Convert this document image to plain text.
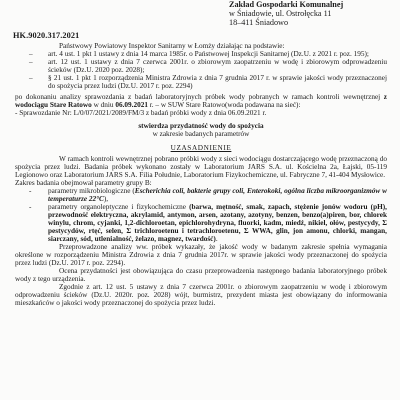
Zakład Gospodarki Komunalnej
w Śniadowie, ul. Ostrołęcka 11
18–411 Śniadowo
HK.9020.317.2021

Państwowy Powiatowy Inspektor Sanitarny w Łomży działając na podstawie:

– art. 4 ust. 1 pkt 1 ustawy z dnia 14 marca 1985r. o Państwowej Inspekcji Sanitarnej (Dz.U. z 2021 r. poz. 195);

– art. 12 ust. 1 ustawy z dnia 7 czerwca 2001r. o zbiorowym zaopatrzeniu w wodę i zbiorowym odprowadzeniu ścieków (Dz.U. 2020 poz. 2028);

– § 21 ust. 1 pkt 1 rozporządzenia Ministra Zdrowia z dnia 7 grudnia 2017 r. w sprawie jakości wody przeznaczonej do spożycia przez ludzi (Dz.U. 2017 r. poz. 2294)

po dokonaniu analizy sprawozdania z badań laboratoryjnych próbek wody pobranych w ramach kontroli wewnętrznej z wodociągu Stare Ratowo w dniu 06.09.2021 r. – w SUW Stare Ratowo(woda podawana na sieć):

- Sprawozdanie Nr: L/0/07/2021/2089/FM/3 z badań próbki wody z dnia 06.09.2021 r.

stwierdza przydatność wody do spożycia

w zakresie badanych parametrów

UZASADNIENIE

W ramach kontroli wewnętrznej pobrano próbki wody z sieci wodociągu dostarczającego wodę przeznaczoną do spożycia przez ludzi. Badania próbek wykonano zostały w Laboratorium JARS S.A. ul. Kościelna 2a, Łajski, 05-119 Legionowo oraz Laboratorium JARS S.A. Filia Południe, Laboratorium Fizykochemiczne, ul. Fabryczne 7, 41-404 Mysłowice.

Zakres badania obejmował parametry grupy B:

- parametry mikrobiologiczne (Escherichia coli, bakterie grupy coli, Enterokoki, ogólna liczba mikroorganizmów w temperaturze 22°C),

- parametry organoleptyczne i fizykochemiczne (barwa, mętność, smak, zapach, stężenie jonów wodoru (pH), przewodność elektryczna, akrylamid, antymon, arsen, azotany, azotyny, benzen, benzo(a)piren, bor, chlorek winylu, chrom, cyjanki, 1,2-dichloroetan, epichlorohydryna, fluorki, kadm, miedź, nikiel, ołów, pestycydy, Σ pestycydów, rtęć, selen, Σ trichloroetenu i tetrachloroetenu, Σ WWA, glin, jon amonu, chlorki, mangan, siarczany, sód, utlenialność, żelazo, magnez, twardość).

Przeprowadzone analizy ww. próbek wykazały, że jakość wody w badanym zakresie spełnia wymagania określone w rozporządzeniu Ministra Zdrowia z dnia 7 grudnia 2017r. w sprawie jakości wody przeznaczonej do spożycia przez ludzi (Dz.U. 2017 r. poz. 2294).

Ocena przydatności jest obowiązująca do czasu przeprowadzenia następnego badania laboratoryjnego próbek wody z tego urządzenia.

Zgodnie z art. 12 ust. 5 ustawy z dnia 7 czerwca 2001r. o zbiorowym zaopatrzeniu w wodę i zbiorowym odprowadzeniu ścieków (Dz.U. 2020r. poz. 2028) wójt, burmistrz, prezydent miasta jest obowiązany do informowania mieszkańców o jakości wody przeznaczonej do spożycia przez ludzi.
